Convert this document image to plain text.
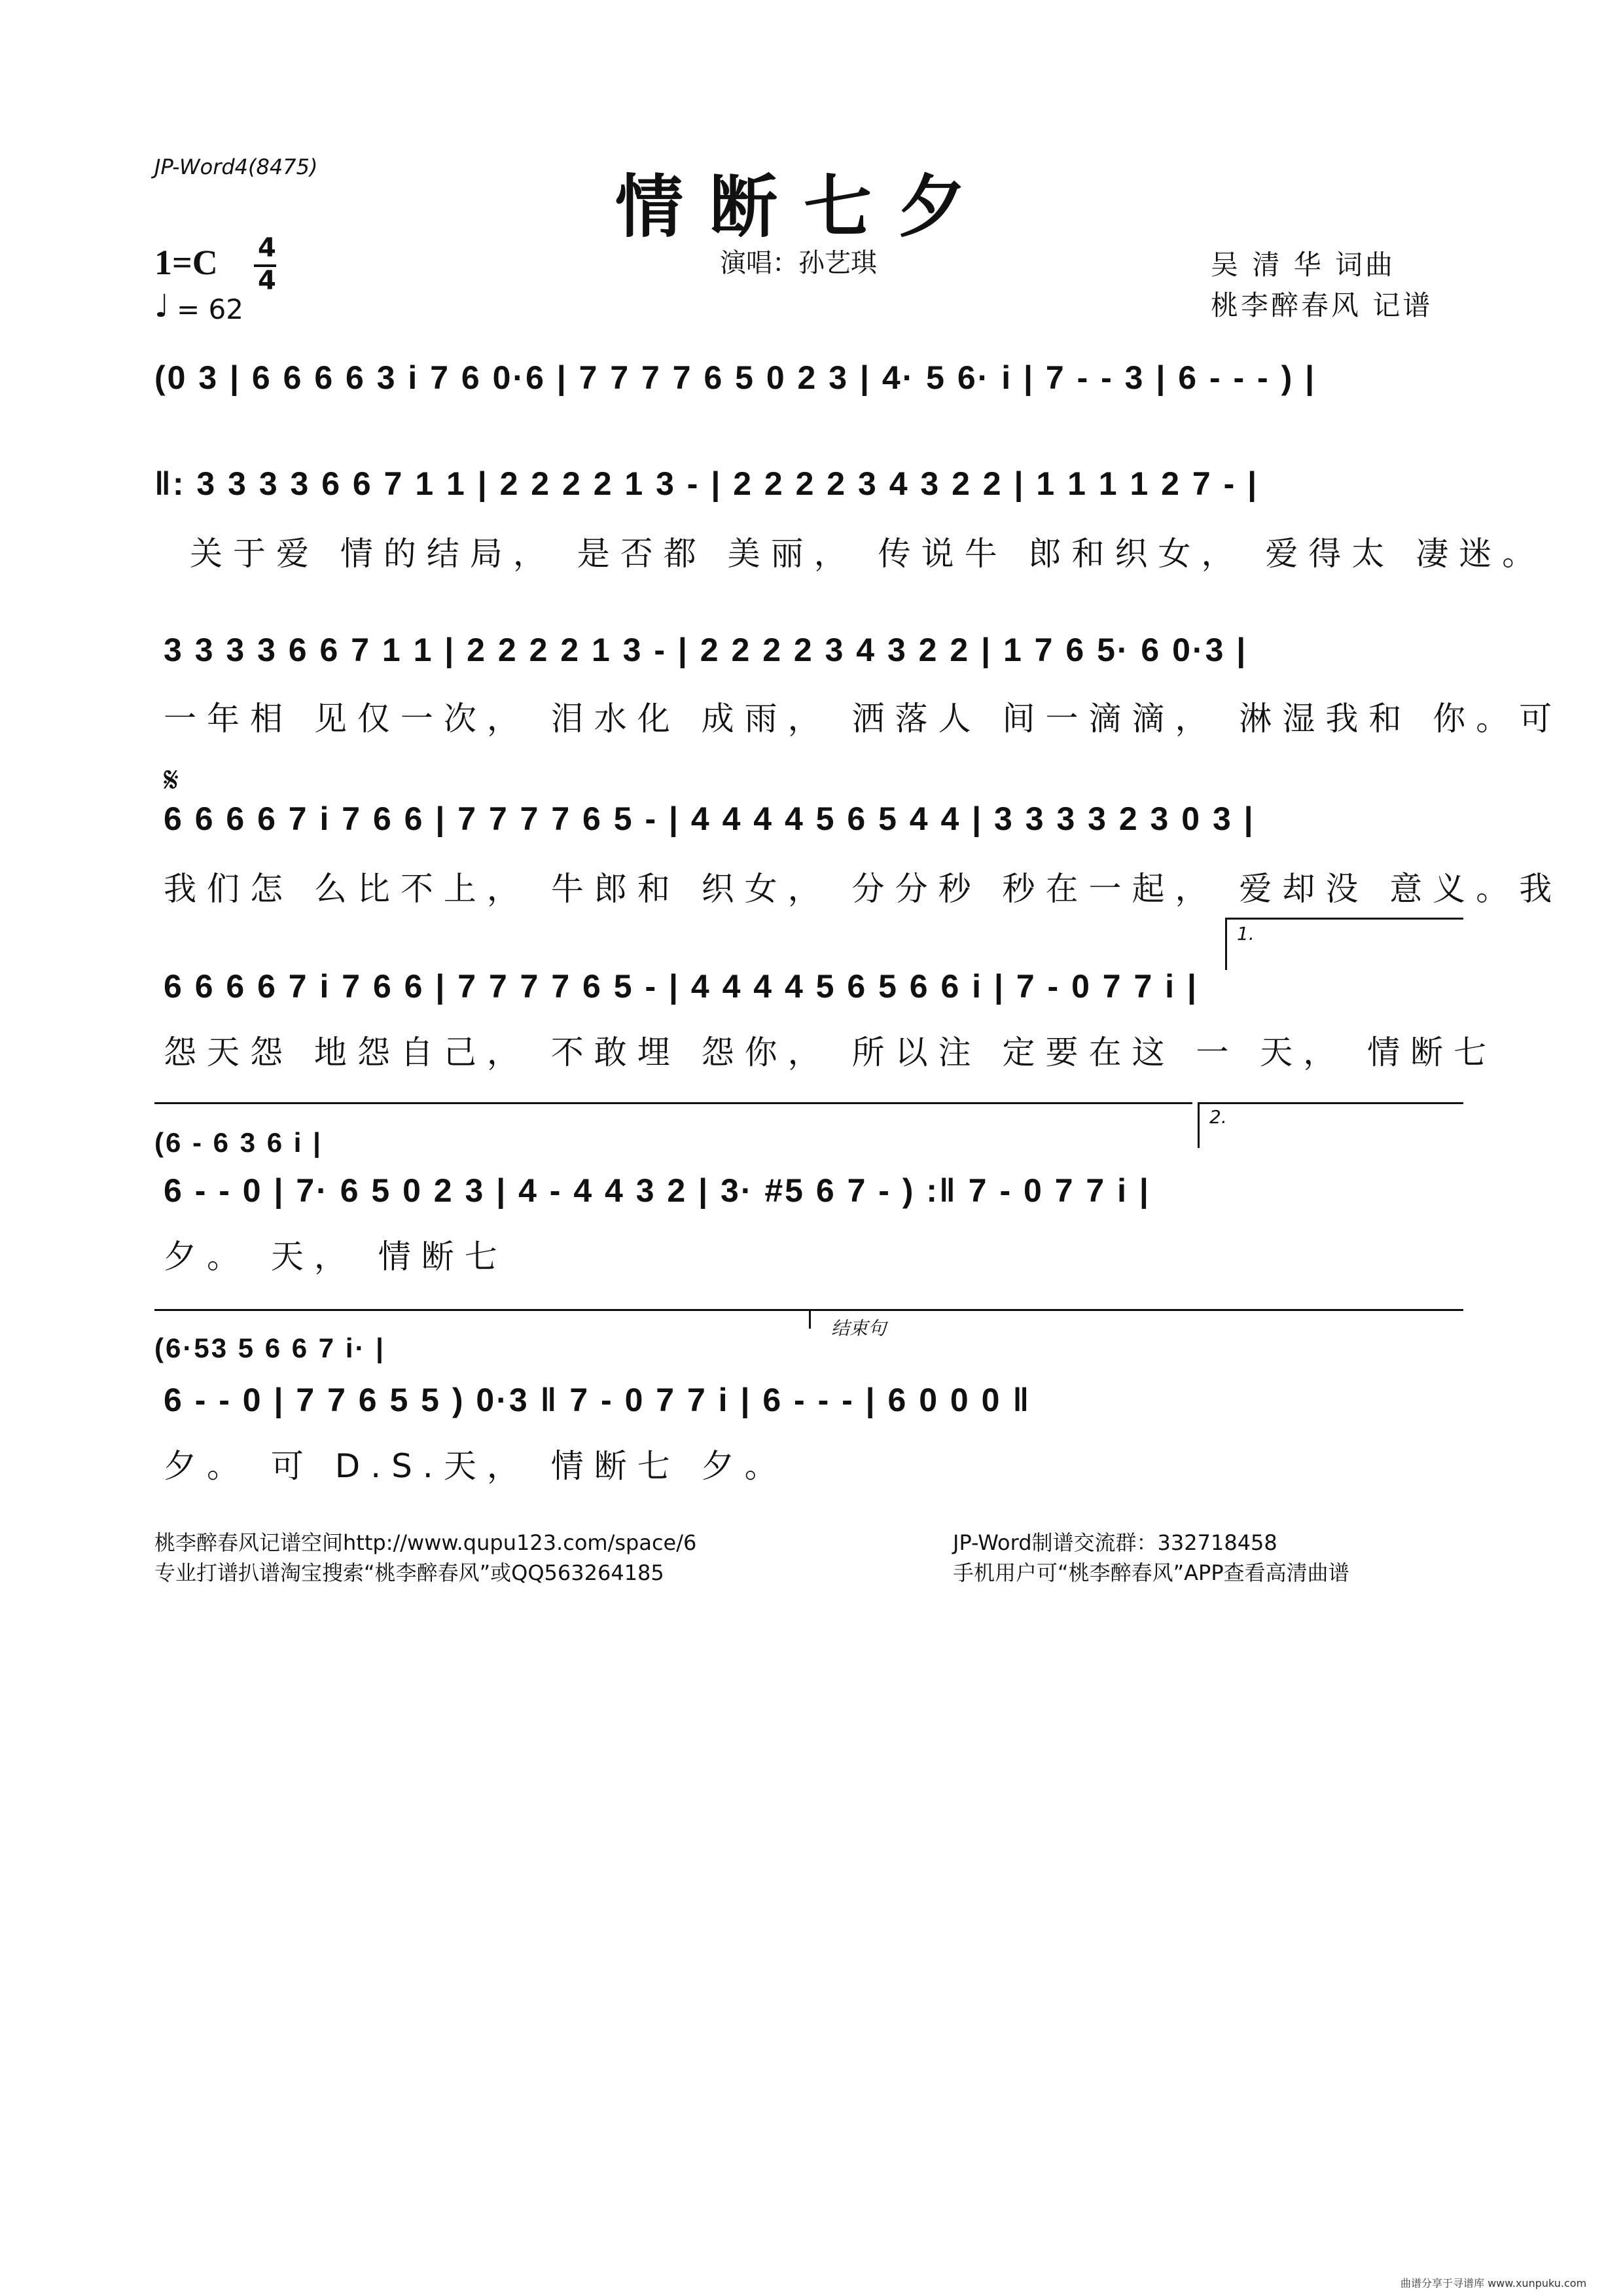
JP-Word4(8475)	情断七夕
1=C 4
4
♩ = 62
演唱：孙艺琪	吴 清 华 词曲
桃李醉春风 记谱
(0 3 | 6 6 6 6 3 i 7 6 0·6 | 7 7 7 7 6 5 0 2 3 | 4· 5 6· i | 7 - - 3 | 6 - - - ) |
‖: 3 3 3 3 6 6 7 1 1 | 2 2 2 2 1 3 - | 2 2 2 2 3 4 3 2 2 | 1 1 1 1 2 7 - |
关于爱 情的结局， 是否都 美丽， 传说牛 郎和织女， 爱得太 凄迷。
3 3 3 3 6 6 7 1 1 | 2 2 2 2 1 3 - | 2 2 2 2 3 4 3 2 2 | 1 7 6 5· 6 0·3 |
一年相 见仅一次， 泪水化 成雨， 洒落人 间一滴滴， 淋湿我和 你。可
𝄋
6 6 6 6 7 i 7 6 6 | 7 7 7 7 6 5 - | 4 4 4 4 5 6 5 4 4 | 3 3 3 3 2 3 0 3 |
我们怎 么比不上， 牛郎和 织女， 分分秒 秒在一起， 爱却没 意义。我
1.
6 6 6 6 7 i 7 6 6 | 7 7 7 7 6 5 - | 4 4 4 4 5 6 5 6 6 i | 7 - 0 7 7 i |
怨天怨 地怨自己， 不敢埋 怨你， 所以注 定要在这 一 天， 情断七
2.
(6 - 6 3 6 i |
6 - - 0 | 7· 6 5 0 2 3 | 4 - 4 4 3 2 | 3· #5 6 7 - ) :‖ 7 - 0 7 7 i |
夕。 天， 情断七
结束句
(6·53 5 6 6 7 i· |
6 - - 0 | 7 7 6 5 5 ) 0·3 ‖ 7 - 0 7 7 i | 6 - - - | 6 0 0 0 ‖
夕。 可 D.S.天， 情断七 夕。
桃李醉春风记谱空间http://www.qupu123.com/space/6
专业打谱扒谱淘宝搜索“桃李醉春风”或QQ563264185
JP-Word制谱交流群：332718458
手机用户可“桃李醉春风”APP查看高清曲谱
曲谱分享于寻谱库 www.xunpuku.com
